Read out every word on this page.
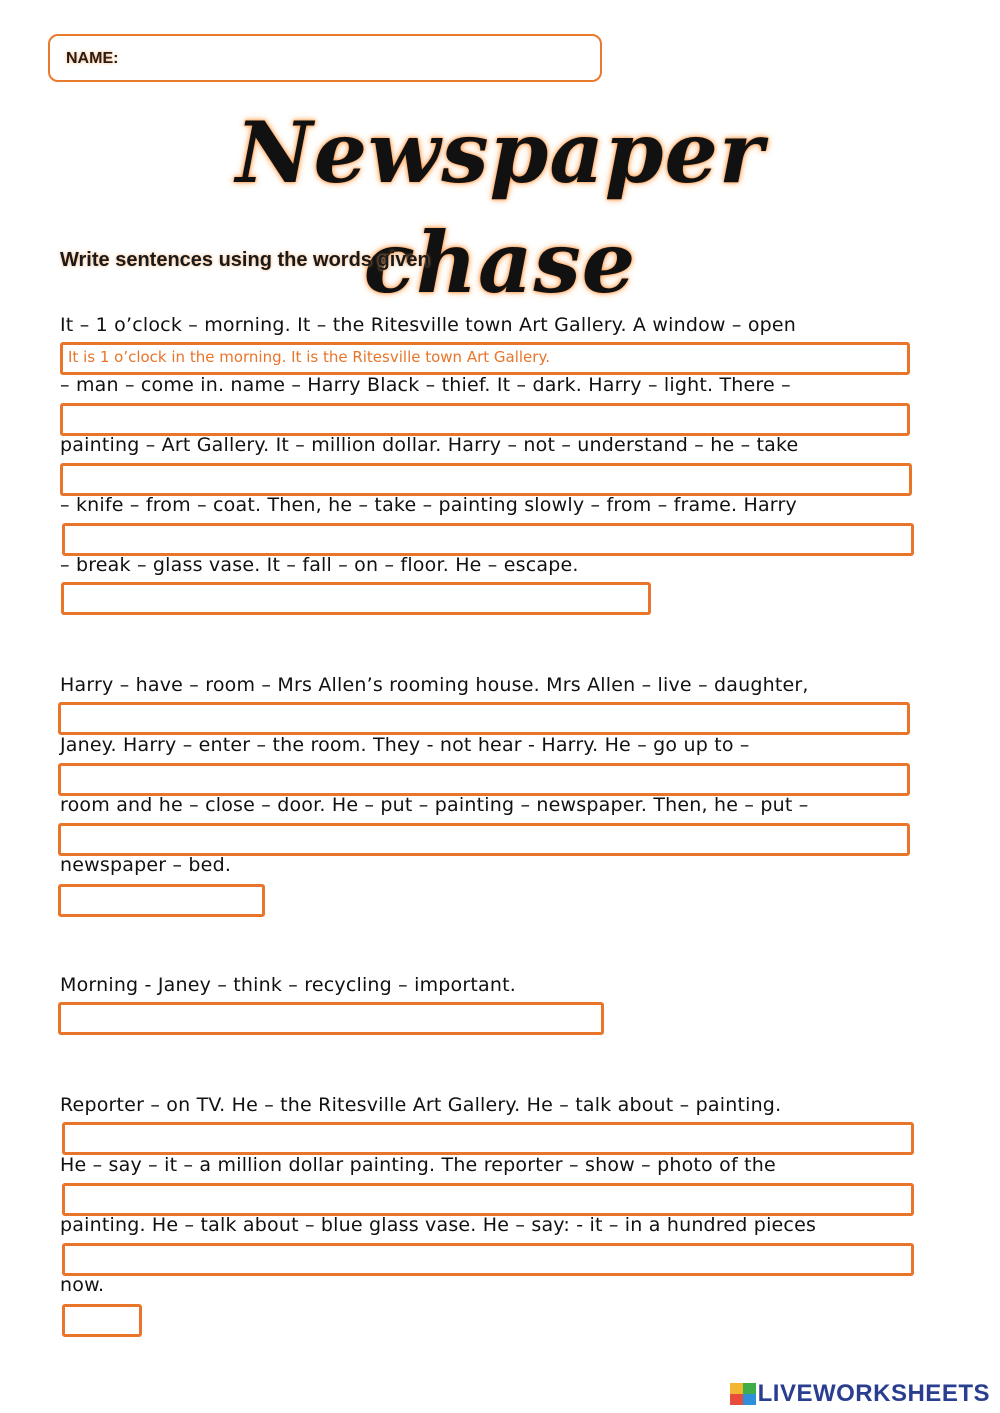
NAME:
Newspaper chase
Write sentences using the words given
It – 1 o’clock – morning. It – the Ritesville town Art Gallery. A window – open
It is 1 o’clock in the morning. It is the Ritesville town Art Gallery.
– man – come in. name – Harry Black – thief. It – dark. Harry – light. There –
painting – Art Gallery. It – million dollar. Harry – not – understand – he – take
– knife – from – coat. Then, he – take – painting slowly – from – frame. Harry
– break – glass vase. It – fall – on – floor. He – escape.
Harry – have – room – Mrs Allen’s rooming house. Mrs Allen – live – daughter,
Janey. Harry – enter – the room. They - not hear - Harry. He – go up to –
room and he – close – door. He – put – painting – newspaper. Then, he – put –
newspaper – bed.
Morning - Janey – think – recycling – important.
Reporter – on TV. He – the Ritesville Art Gallery. He – talk about – painting.
He – say – it – a million dollar painting. The reporter – show – photo of the
painting. He – talk about – blue glass vase. He – say: - it – in a hundred pieces
now.
LIVEWORKSHEETS
